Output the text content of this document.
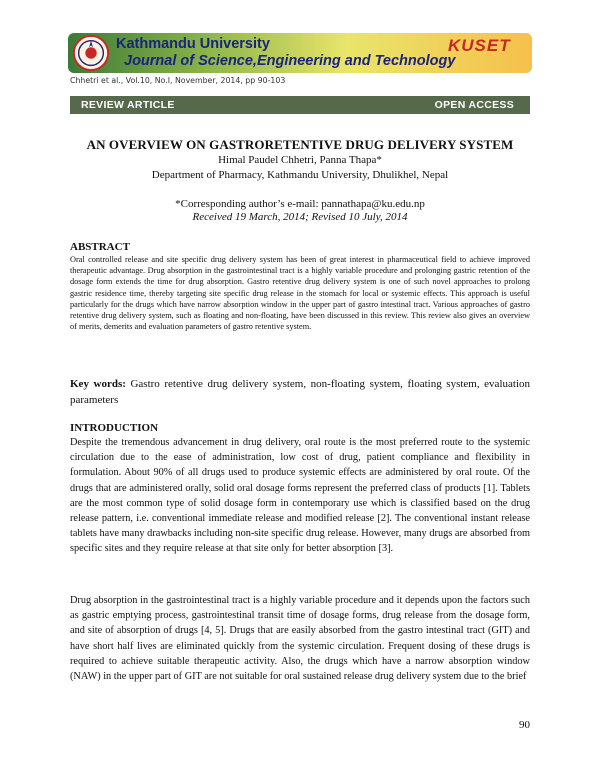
Kathmandu University
Journal of Science,Engineering and Technology
KUSET
Chhetri et al., Vol.10, No.I, November, 2014, pp 90-103
REVIEW ARTICLE	OPEN ACCESS
AN OVERVIEW ON GASTRORETENTIVE DRUG DELIVERY SYSTEM
Himal Paudel Chhetri, Panna Thapa*
Department of Pharmacy, Kathmandu University, Dhulikhel, Nepal
*Corresponding author’s e-mail: pannathapa@ku.edu.np
Received 19 March, 2014; Revised 10 July, 2014
ABSTRACT
Oral controlled release and site specific drug delivery system has been of great interest in pharmaceutical field to achieve improved therapeutic advantage. Drug absorption in the gastrointestinal tract is a highly variable procedure and prolonging gastric retention of the dosage form extends the time for drug absorption. Gastro retentive drug delivery system is one of such novel approaches to prolong gastric residence time, thereby targeting site specific drug release in the stomach for local or systemic effects. This approach is useful particularly for the drugs which have narrow absorption window in the upper part of gastro intestinal tract. Various approaches of gastro retentive drug delivery system, such as floating and non-floating, have been discussed in this review. This review also gives an overview of merits, demerits and evaluation parameters of gastro retentive system.
Key words: Gastro retentive drug delivery system, non-floating system, floating system, evaluation parameters
INTRODUCTION
Despite the tremendous advancement in drug delivery, oral route is the most preferred route to the systemic circulation due to the ease of administration, low cost of drug, patient compliance and flexibility in formulation. About 90% of all drugs used to produce systemic effects are administered by oral route. Of the drugs that are administered orally, solid oral dosage forms represent the preferred class of products [1]. Tablets are the most common type of solid dosage form in contemporary use which is classified based on the drug release pattern, i.e. conventional immediate release and modified release [2]. The conventional instant release tablets have many drawbacks including non-site specific drug release. However, many drugs are absorbed from specific sites and they require release at that site only for better absorption [3].
Drug absorption in the gastrointestinal tract is a highly variable procedure and it depends upon the factors such as gastric emptying process, gastrointestinal transit time of dosage forms, drug release from the dosage form, and site of absorption of drugs [4, 5]. Drugs that are easily absorbed from the gastro intestinal tract (GIT) and have short half lives are eliminated quickly from the systemic circulation. Frequent dosing of these drugs is required to achieve suitable therapeutic activity. Also, the drugs which have a narrow absorption window (NAW) in the upper part of GIT are not suitable for oral sustained release drug delivery system due to the brief
90
